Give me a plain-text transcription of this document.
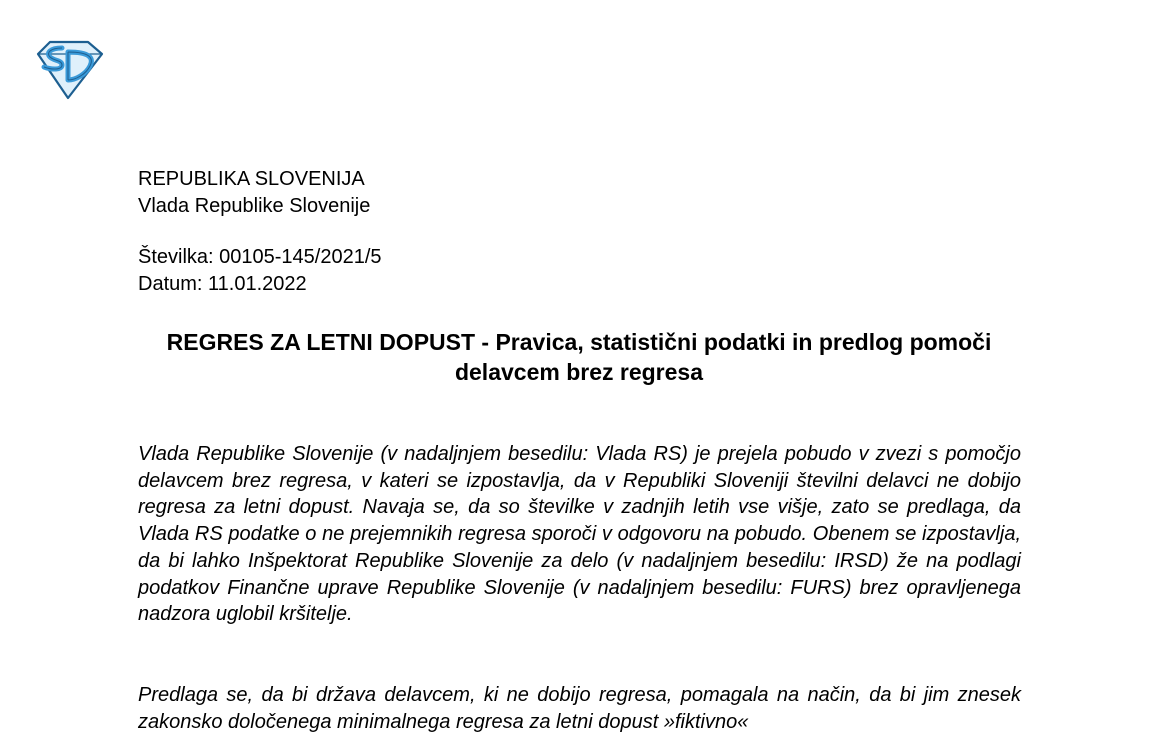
REPUBLIKA SLOVENIJA
Vlada Republike Slovenije
Številka: 00105-145/2021/5
Datum: 11.01.2022
REGRES ZA LETNI DOPUST - Pravica, statistični podatki in predlog pomoči delavcem brez regresa
Vlada Republike Slovenije (v nadaljnjem besedilu: Vlada RS) je prejela pobudo v zvezi s pomočjo delavcem brez regresa, v kateri se izpostavlja, da v Republiki Sloveniji številni delavci ne dobijo regresa za letni dopust. Navaja se, da so številke v zadnjih letih vse višje, zato se predlaga, da Vlada RS podatke o ne prejemnikih regresa sporoči v odgovoru na pobudo. Obenem se izpostavlja, da bi lahko Inšpektorat Republike Slovenije za delo (v nadaljnjem besedilu: IRSD) že na podlagi podatkov Finančne uprave Republike Slovenije (v nadaljnjem besedilu: FURS) brez opravljenega nadzora uglobil kršitelje.
Predlaga se, da bi država delavcem, ki ne dobijo regresa, pomagala na način, da bi jim znesek zakonsko določenega minimalnega regresa za letni dopust »fiktivno«
